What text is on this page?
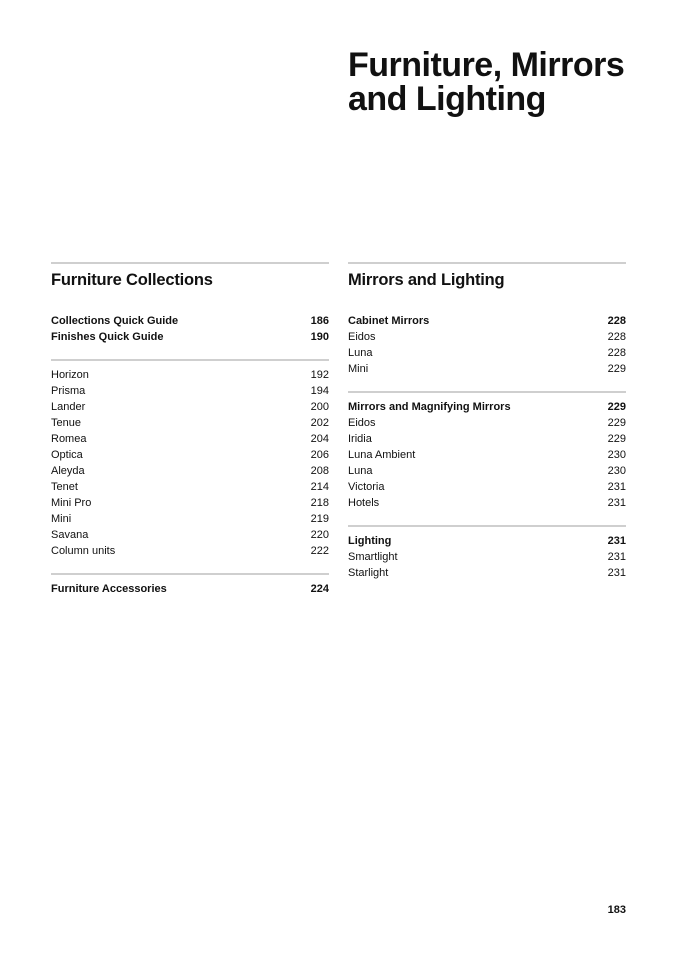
Furniture, Mirrors
and Lighting
Furniture Collections
Collections Quick Guide	186
Finishes Quick Guide	190
Horizon	192
Prisma	194
Lander	200
Tenue	202
Romea	204
Optica	206
Aleyda	208
Tenet	214
Mini Pro	218
Mini	219
Savana	220
Column units	222
Furniture Accessories	224
Mirrors and Lighting
Cabinet Mirrors	228
Eidos	228
Luna	228
Mini	229
Mirrors and Magnifying Mirrors	229
Eidos	229
Iridia	229
Luna Ambient	230
Luna	230
Victoria	231
Hotels	231
Lighting	231
Smartlight	231
Starlight	231
183
